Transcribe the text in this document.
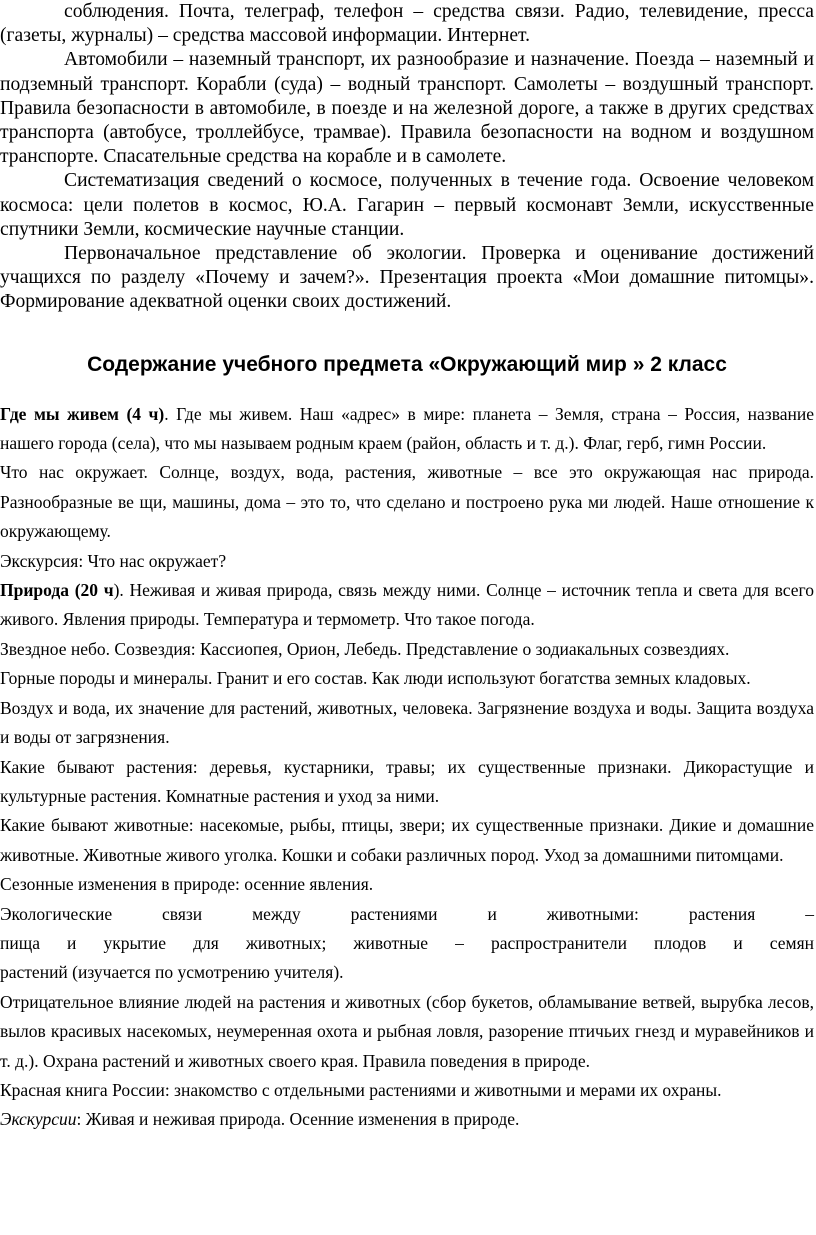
соблюдения. Почта, телеграф, телефон – средства связи. Радио, телевидение, пресса (газеты, журналы) – средства массовой информации. Интернет.

Автомобили – наземный транспорт, их разнообразие и назначение. Поезда – наземный и подземный транспорт. Корабли (суда) – водный транспорт. Самолеты – воздушный транспорт. Правила безопасности в автомобиле, в поезде и на железной дороге, а также в других средствах транспорта (автобусе, троллейбусе, трамвае). Правила безопасности на водном и воздушном транспорте. Спасательные средства на корабле и в самолете.

Систематизация сведений о космосе, полученных в течение года. Освоение человеком космоса: цели полетов в космос, Ю.А. Гагарин – первый космонавт Земли, искусственные спутники Земли, космические научные станции.

Первоначальное представление об экологии. Проверка и оценивание достижений учащихся по разделу «Почему и зачем?». Презентация проекта «Мои домашние питомцы». Формирование адекватной оценки своих достижений.

Содержание учебного предмета «Окружающий мир » 2 класс

Где мы живем (4 ч). Где мы живем. Наш «адрес» в мире: планета – Земля, страна – Россия, название нашего города (села), что мы называем родным краем (район, область и т. д.). Флаг, герб, гимн России.

Что нас окружает. Солнце, воздух, вода, растения, животные – все это окружающая нас природа. Разнообразные ве щи, машины, дома – это то, что сделано и построено рука ми людей. Наше отношение к окружающему.

Экскурсия: Что нас окружает?

Природа (20 ч). Неживая и живая природа, связь между ними. Солнце – источник тепла и света для всего живого. Явления природы. Температура и термометр. Что такое погода.

Звездное небо. Созвездия: Кассиопея, Орион, Лебедь. Представление о зодиакальных созвездиях.

Горные породы и минералы. Гранит и его состав. Как люди используют богатства земных кладовых.

Воздух и вода, их значение для растений, животных, человека. Загрязнение воздуха и воды. Защита воздуха и воды от загрязнения.

Какие бывают растения: деревья, кустарники, травы; их существенные признаки. Дикорастущие и культурные растения. Комнатные растения и уход за ними.

Какие бывают животные: насекомые, рыбы, птицы, звери; их существенные признаки. Дикие и домашние животные. Животные живого уголка. Кошки и собаки различных пород. Уход за домашними питомцами.

Сезонные изменения в природе: осенние явления.

Экологические связи между растениями и животными: растения –

пища и укрытие для животных; животные – распространители плодов и семян

растений (изучается по усмотрению учителя).

Отрицательное влияние людей на растения и животных (сбор букетов, обламывание ветвей, вырубка лесов, вылов красивых насекомых, неумеренная охота и рыбная ловля, разорение птичьих гнезд и муравейников и т. д.). Охрана растений и животных своего края. Правила поведения в природе.

Красная книга России: знакомство с отдельными растениями и животными и мерами их охраны.

Экскурсии: Живая и неживая природа. Осенние изменения в природе.
